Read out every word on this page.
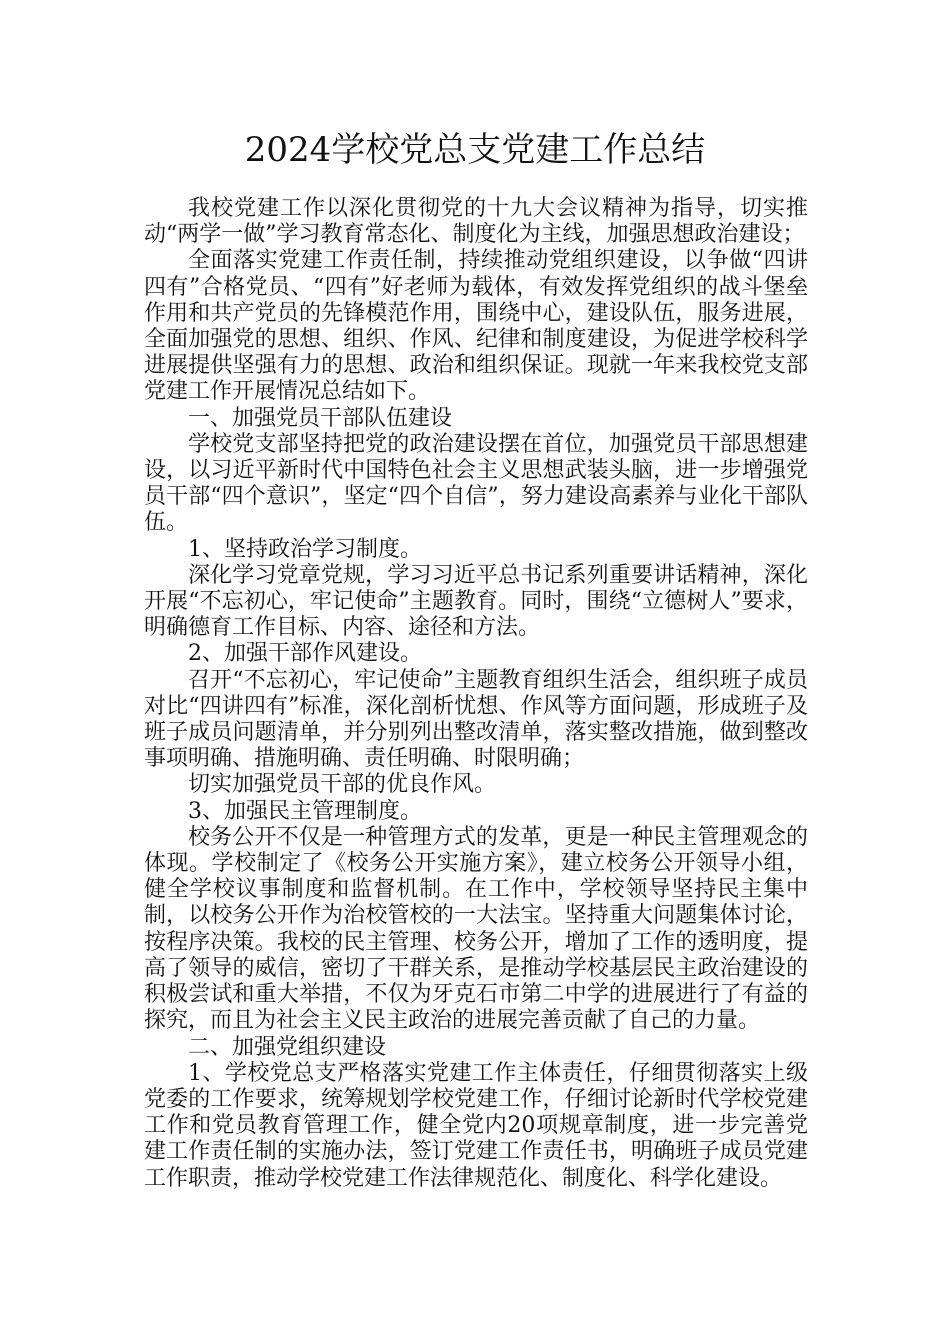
2024学校党总支党建工作总结

我校党建工作以深化贯彻党的十九大会议精神为指导，切实推动“两学一做”学习教育常态化、制度化为主线，加强思想政治建设；

全面落实党建工作责任制，持续推动党组织建设，以争做“四讲四有”合格党员、“四有”好老师为载体，有效发挥党组织的战斗堡垒作用和共产党员的先锋模范作用，围绕中心，建设队伍，服务进展，全面加强党的思想、组织、作风、纪律和制度建设，为促进学校科学进展提供坚强有力的思想、政治和组织保证。现就一年来我校党支部党建工作开展情况总结如下。

一、加强党员干部队伍建设

学校党支部坚持把党的政治建设摆在首位，加强党员干部思想建设，以习近平新时代中国特色社会主义思想武装头脑，进一步增强党员干部“四个意识”，坚定“四个自信”，努力建设高素养与业化干部队伍。

1、坚持政治学习制度。

深化学习党章党规，学习习近平总书记系列重要讲话精神，深化开展“不忘初心，牢记使命”主题教育。同时，围绕“立德树人”要求，明确德育工作目标、内容、途径和方法。

2、加强干部作风建设。

召开“不忘初心，牢记使命”主题教育组织生活会，组织班子成员对比“四讲四有”标准，深化剖析忧想、作风等方面问题，形成班子及班子成员问题清单，并分别列出整改清单，落实整改措施，做到整改事项明确、措施明确、责任明确、时限明确；

切实加强党员干部的优良作风。

3、加强民主管理制度。

校务公开不仅是一种管理方式的发革，更是一种民主管理观念的体现。学校制定了《校务公开实施方案》，建立校务公开领导小组，健全学校议事制度和监督机制。在工作中，学校领导坚持民主集中制，以校务公开作为治校管校的一大法宝。坚持重大问题集体讨论，按程序决策。我校的民主管理、校务公开，增加了工作的透明度，提高了领导的威信，密切了干群关系，是推动学校基层民主政治建设的积极尝试和重大举措，不仅为牙克石市第二中学的进展进行了有益的探究，而且为社会主义民主政治的进展完善贡献了自己的力量。

二、加强党组织建设

1、学校党总支严格落实党建工作主体责任，仔细贯彻落实上级党委的工作要求，统筹规划学校党建工作，仔细讨论新时代学校党建工作和党员教育管理工作，健全党内20项规章制度，进一步完善党建工作责任制的实施办法，签订党建工作责任书，明确班子成员党建工作职责，推动学校党建工作法律规范化、制度化、科学化建设。
